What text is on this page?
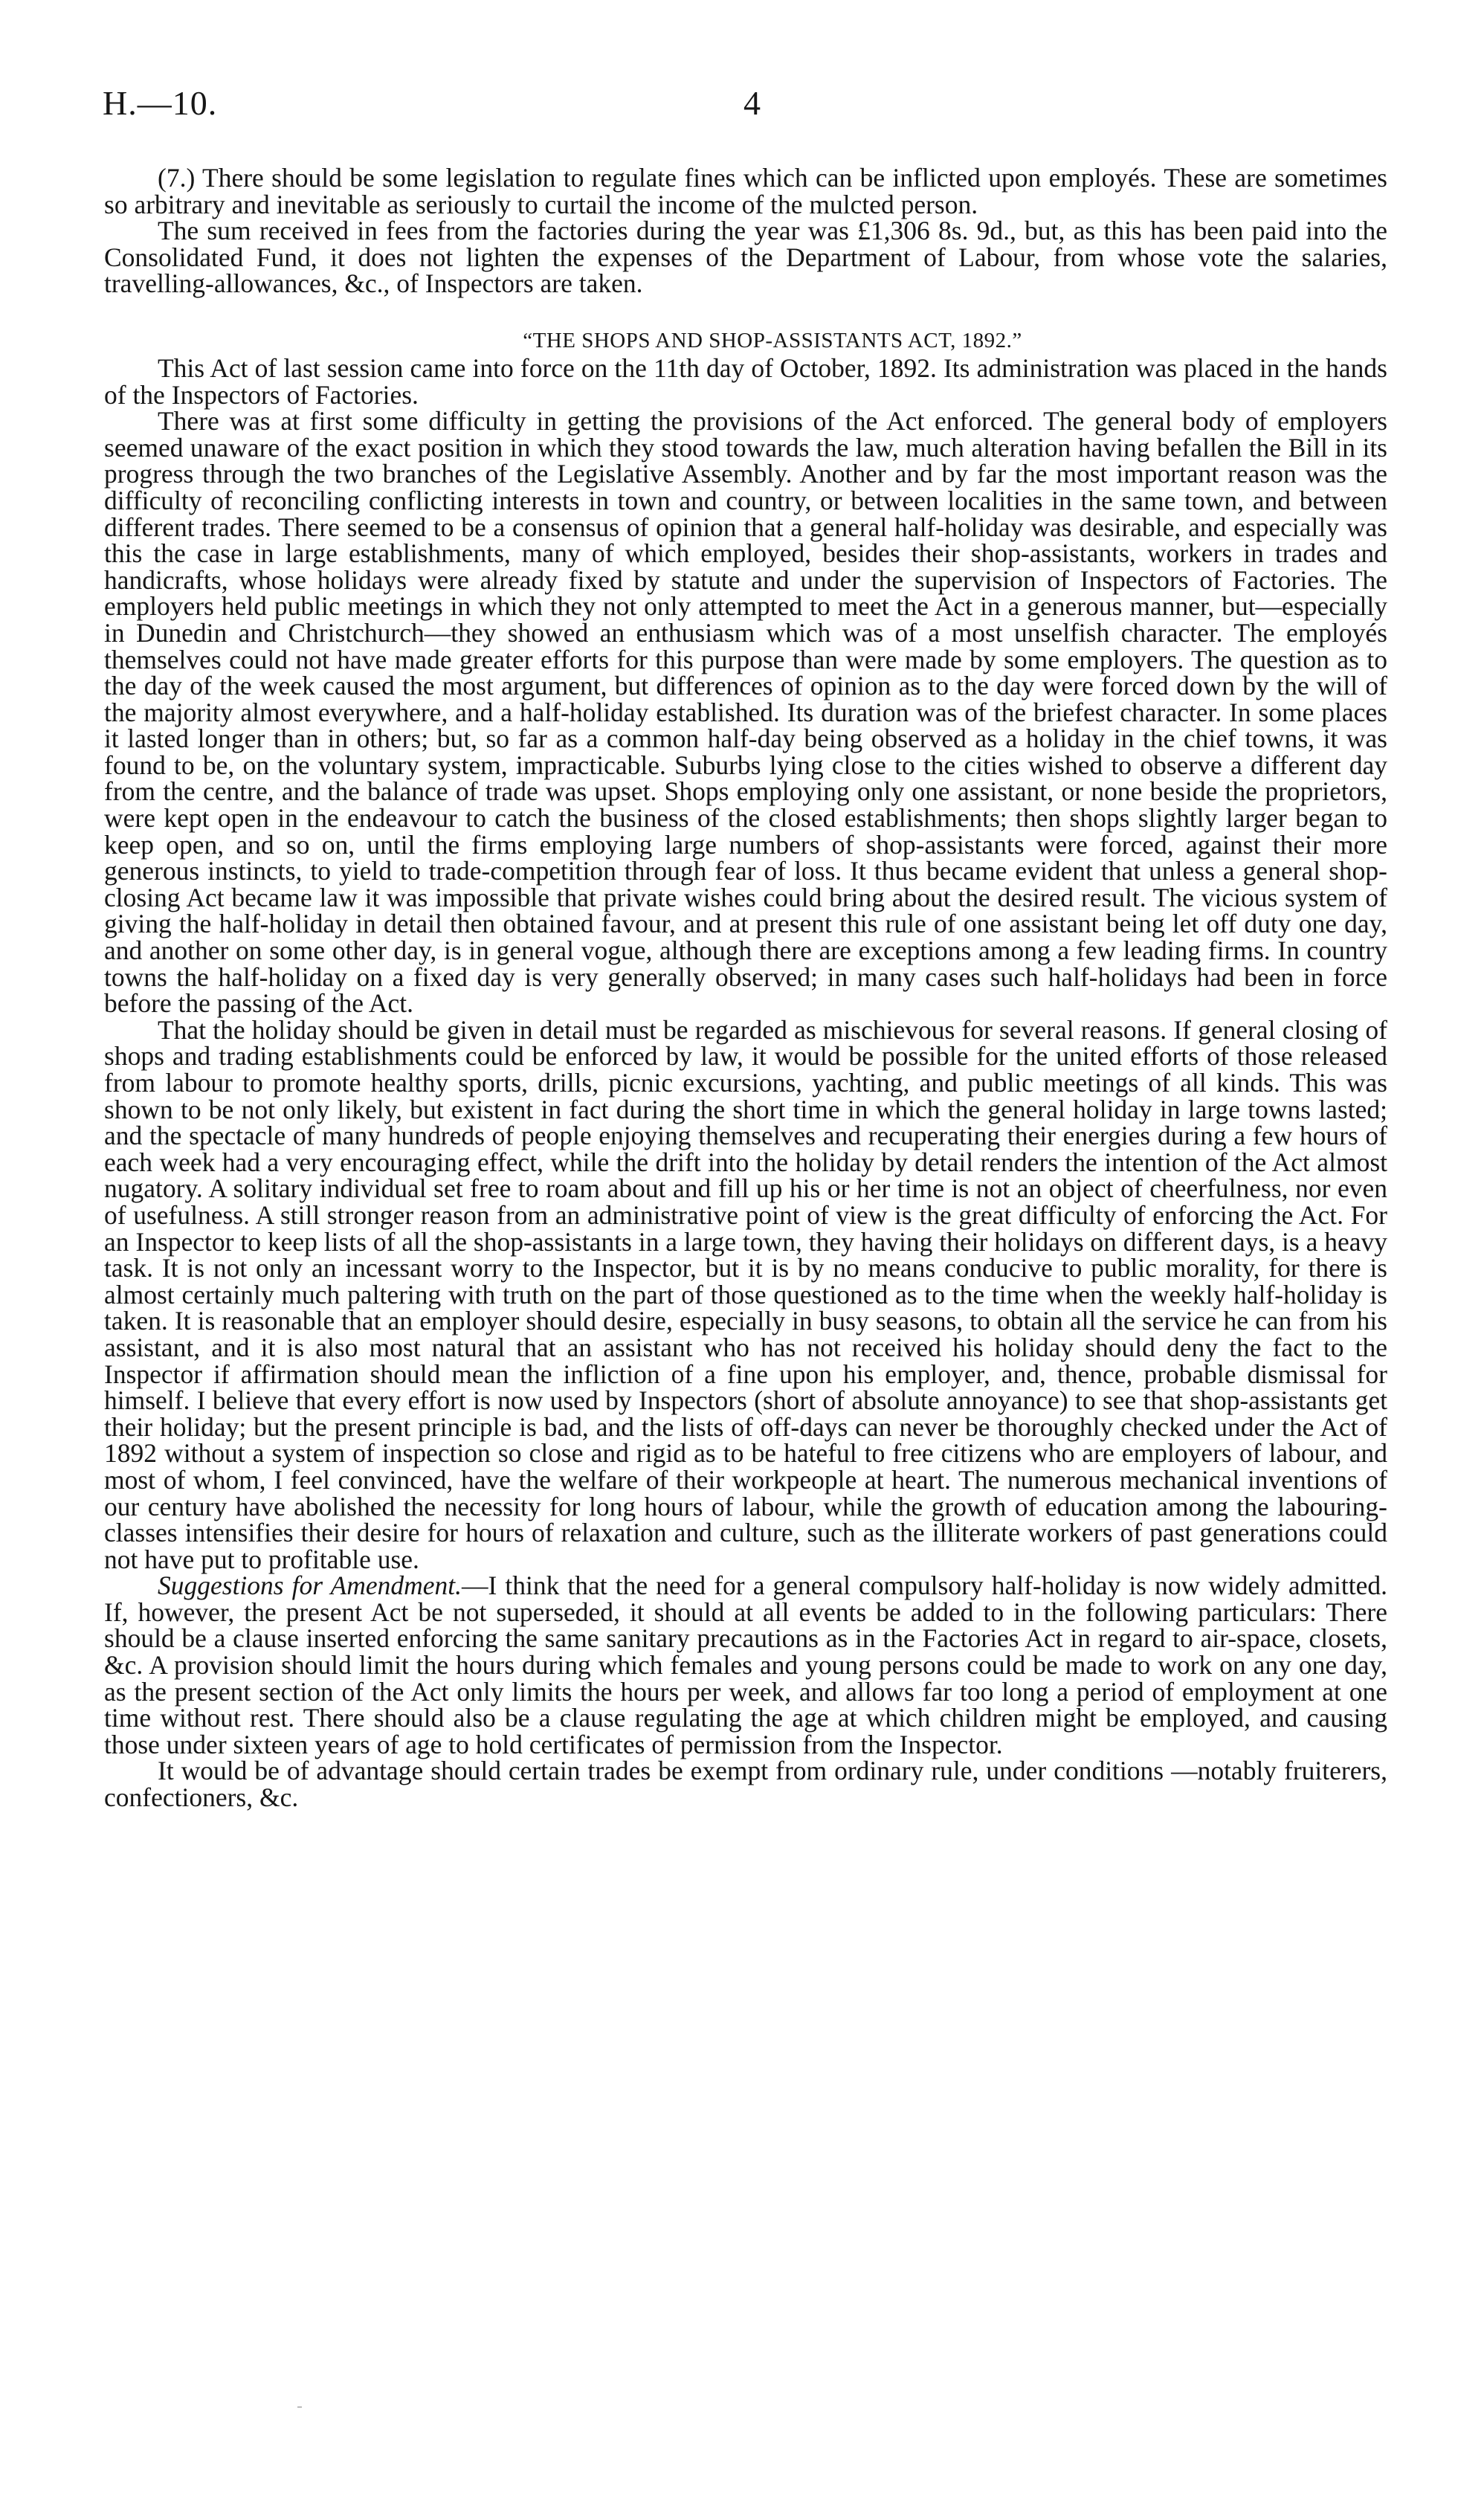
H.—10.	4

(7.) There should be some legislation to regulate fines which can be inflicted upon employés. These are sometimes so arbitrary and inevitable as seriously to curtail the income of the mulcted person.

The sum received in fees from the factories during the year was £1,306 8s. 9d., but, as this has been paid into the Consolidated Fund, it does not lighten the expenses of the Department of Labour, from whose vote the salaries, travelling-allowances, &c., of Inspectors are taken.

“THE SHOPS AND SHOP-ASSISTANTS ACT, 1892.”

This Act of last session came into force on the 11th day of October, 1892. Its administration was placed in the hands of the Inspectors of Factories.

There was at first some difficulty in getting the provisions of the Act enforced. The general body of employers seemed unaware of the exact position in which they stood towards the law, much alteration having befallen the Bill in its progress through the two branches of the Legislative Assembly. Another and by far the most important reason was the difficulty of reconciling conflicting interests in town and country, or between localities in the same town, and between different trades. There seemed to be a consensus of opinion that a general half-holiday was desirable, and especially was this the case in large establishments, many of which employed, besides their shop-assistants, workers in trades and handicrafts, whose holidays were already fixed by statute and under the supervision of Inspectors of Factories. The employers held public meetings in which they not only attempted to meet the Act in a generous manner, but—especially in Dunedin and Christchurch—they showed an enthusiasm which was of a most unselfish character. The employés themselves could not have made greater efforts for this purpose than were made by some employers. The question as to the day of the week caused the most argument, but differences of opinion as to the day were forced down by the will of the majority almost everywhere, and a half-holiday established. Its duration was of the briefest character. In some places it lasted longer than in others; but, so far as a common half-day being observed as a holiday in the chief towns, it was found to be, on the voluntary system, impracticable. Suburbs lying close to the cities wished to observe a different day from the centre, and the balance of trade was upset. Shops employing only one assistant, or none beside the proprietors, were kept open in the endeavour to catch the business of the closed establishments; then shops slightly larger began to keep open, and so on, until the firms employing large numbers of shop-assistants were forced, against their more generous instincts, to yield to trade-competition through fear of loss. It thus became evident that unless a general shop-closing Act became law it was impossible that private wishes could bring about the desired result. The vicious system of giving the half-holiday in detail then obtained favour, and at present this rule of one assistant being let off duty one day, and another on some other day, is in general vogue, although there are exceptions among a few leading firms. In country towns the half-holiday on a fixed day is very generally observed; in many cases such half-holidays had been in force before the passing of the Act.

That the holiday should be given in detail must be regarded as mischievous for several reasons. If general closing of shops and trading establishments could be enforced by law, it would be possible for the united efforts of those released from labour to promote healthy sports, drills, picnic excursions, yachting, and public meetings of all kinds. This was shown to be not only likely, but existent in fact during the short time in which the general holiday in large towns lasted; and the spectacle of many hundreds of people enjoying themselves and recuperating their energies during a few hours of each week had a very encouraging effect, while the drift into the holiday by detail renders the intention of the Act almost nugatory. A solitary individual set free to roam about and fill up his or her time is not an object of cheerfulness, nor even of usefulness. A still stronger reason from an administrative point of view is the great difficulty of enforcing the Act. For an Inspector to keep lists of all the shop-assistants in a large town, they having their holidays on different days, is a heavy task. It is not only an incessant worry to the Inspector, but it is by no means conducive to public morality, for there is almost certainly much paltering with truth on the part of those questioned as to the time when the weekly half-holiday is taken. It is reasonable that an employer should desire, especially in busy seasons, to obtain all the service he can from his assistant, and it is also most natural that an assistant who has not received his holiday should deny the fact to the Inspector if affirmation should mean the infliction of a fine upon his employer, and, thence, probable dismissal for himself. I believe that every effort is now used by Inspectors (short of absolute annoyance) to see that shop-assistants get their holiday; but the present principle is bad, and the lists of off-days can never be thoroughly checked under the Act of 1892 without a system of inspection so close and rigid as to be hateful to free citizens who are employers of labour, and most of whom, I feel convinced, have the welfare of their workpeople at heart. The numerous mechanical inventions of our century have abolished the necessity for long hours of labour, while the growth of education among the labouring-classes intensifies their desire for hours of relaxation and culture, such as the illiterate workers of past generations could not have put to profitable use.

Suggestions for Amendment.—I think that the need for a general compulsory half-holiday is now widely admitted. If, however, the present Act be not superseded, it should at all events be added to in the following particulars: There should be a clause inserted enforcing the same sanitary precautions as in the Factories Act in regard to air-space, closets, &c. A provision should limit the hours during which females and young persons could be made to work on any one day, as the present section of the Act only limits the hours per week, and allows far too long a period of employment at one time without rest. There should also be a clause regulating the age at which children might be employed, and causing those under sixteen years of age to hold certificates of permission from the Inspector.

It would be of advantage should certain trades be exempt from ordinary rule, under conditions —notably fruiterers, confectioners, &c.
